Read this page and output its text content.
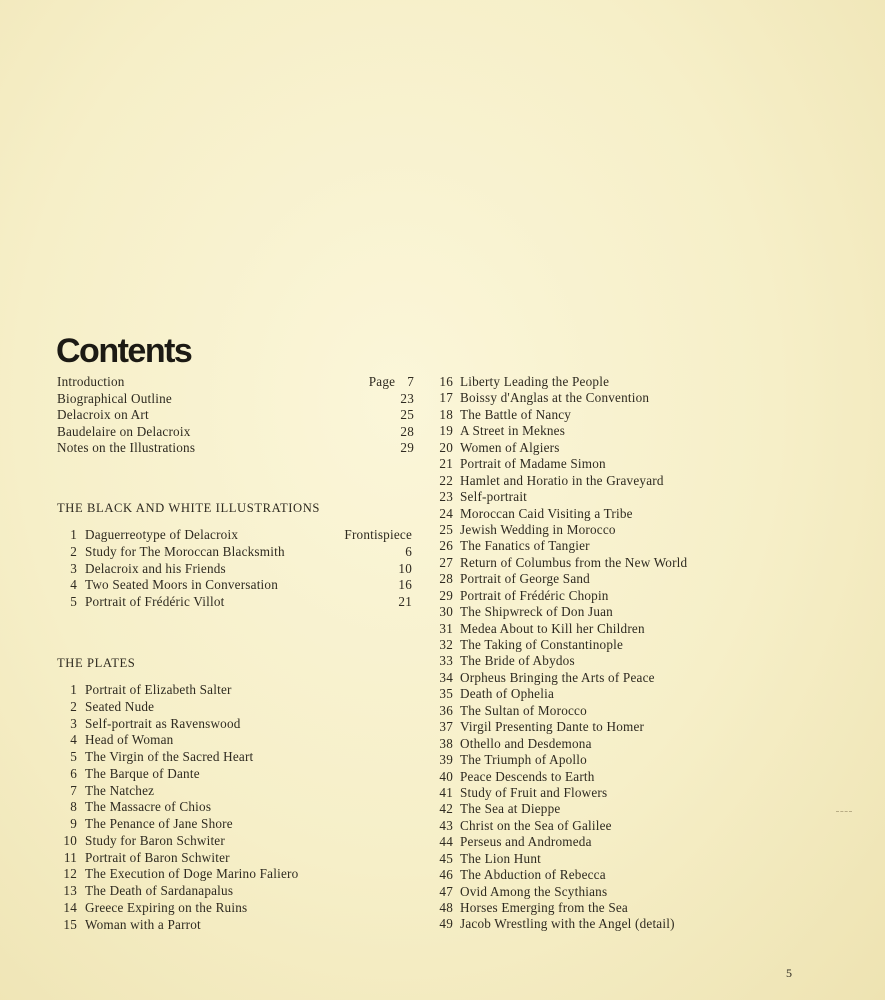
Contents
Introduction	Page 7
Biographical Outline	23
Delacroix on Art	25
Baudelaire on Delacroix	28
Notes on the Illustrations	29
THE BLACK AND WHITE ILLUSTRATIONS
1 Daguerreotype of Delacroix	Frontispiece
2 Study for The Moroccan Blacksmith	6
3 Delacroix and his Friends	10
4 Two Seated Moors in Conversation	16
5 Portrait of Frédéric Villot	21
THE PLATES
1 Portrait of Elizabeth Salter
2 Seated Nude
3 Self-portrait as Ravenswood
4 Head of Woman
5 The Virgin of the Sacred Heart
6 The Barque of Dante
7 The Natchez
8 The Massacre of Chios
9 The Penance of Jane Shore
10 Study for Baron Schwiter
11 Portrait of Baron Schwiter
12 The Execution of Doge Marino Faliero
13 The Death of Sardanapalus
14 Greece Expiring on the Ruins
15 Woman with a Parrot
16 Liberty Leading the People
17 Boissy d'Anglas at the Convention
18 The Battle of Nancy
19 A Street in Meknes
20 Women of Algiers
21 Portrait of Madame Simon
22 Hamlet and Horatio in the Graveyard
23 Self-portrait
24 Moroccan Caid Visiting a Tribe
25 Jewish Wedding in Morocco
26 The Fanatics of Tangier
27 Return of Columbus from the New World
28 Portrait of George Sand
29 Portrait of Frédéric Chopin
30 The Shipwreck of Don Juan
31 Medea About to Kill her Children
32 The Taking of Constantinople
33 The Bride of Abydos
34 Orpheus Bringing the Arts of Peace
35 Death of Ophelia
36 The Sultan of Morocco
37 Virgil Presenting Dante to Homer
38 Othello and Desdemona
39 The Triumph of Apollo
40 Peace Descends to Earth
41 Study of Fruit and Flowers
42 The Sea at Dieppe
43 Christ on the Sea of Galilee
44 Perseus and Andromeda
45 The Lion Hunt
46 The Abduction of Rebecca
47 Ovid Among the Scythians
48 Horses Emerging from the Sea
49 Jacob Wrestling with the Angel (detail)
5
